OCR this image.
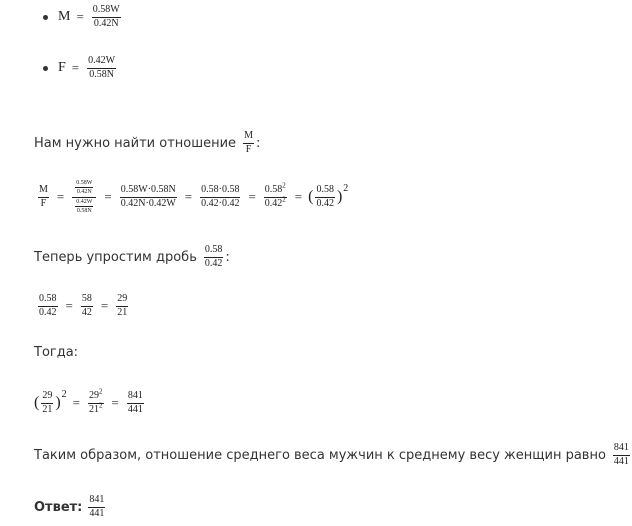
$M = \frac{0.58W}{0.42N}$
$F = \frac{0.42W}{0.58N}$
Нам нужно найти отношение $\frac{M}{F}$ :
$\frac{M}{F} = \frac{\frac{0.58W}{0.42N}}{\frac{0.42W}{0.58N}} = \frac{0.58W\cdot 0.58N}{0.42N\cdot 0.42W} = \frac{0.58\cdot 0.58}{0.42\cdot 0.42} = \frac{0.58^2}{0.42^2}$ = ( $\frac{0.58}{0.42}$ ) 2
Теперь упростим дробь $\frac{0.58}{0.42}$ :
$\frac{0.58}{0.42} = \frac{58}{42} = \frac{29}{21}$
Тогда:
( $\frac{29}{21}$ ) 2
= $\frac{29^2}{21^2} = \frac{841}{441}$
Таким образом, отношение среднего веса мужчин к среднему весу женщин равно $\frac{841}{441}$
Ответ: $\frac{841}{441}$
